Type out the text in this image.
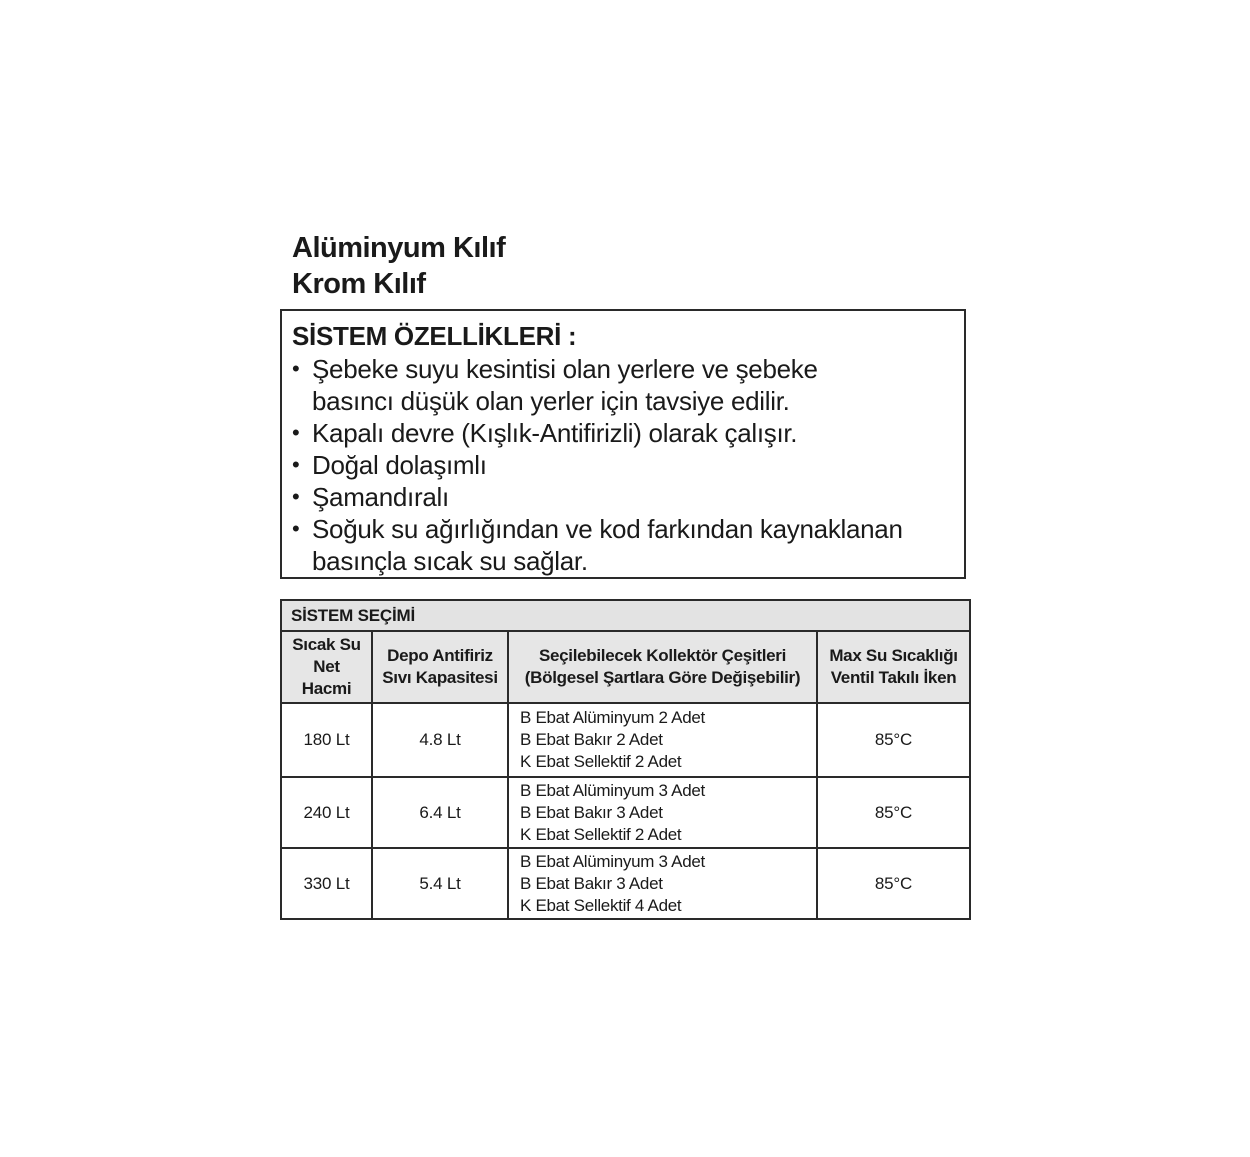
Alüminyum Kılıf
Krom Kılıf
SİSTEM ÖZELLİKLERİ :
• Şebeke suyu kesintisi olan yerlere ve şebeke
basıncı düşük olan yerler için tavsiye edilir.
• Kapalı devre (Kışlık-Antifirizli) olarak çalışır.
• Doğal dolaşımlı
• Şamandıralı
• Soğuk su ağırlığından ve kod farkından kaynaklanan
basınçla sıcak su sağlar.
SİSTEM SEÇİMİ			

Sıcak Su
Net
Hacmi	Depo Antifiriz
Sıvı Kapasitesi	Seçilebilecek Kollektör Çeşitleri
(Bölgesel Şartlara Göre Değişebilir)	Max Su Sıcaklığı
Ventil Takılı İken

180 Lt	4.8 Lt	B Ebat Alüminyum 2 Adet
B Ebat Bakır 2 Adet
K Ebat Sellektif 2 Adet	85°C
240 Lt	6.4 Lt	B Ebat Alüminyum 3 Adet
B Ebat Bakır 3 Adet
K Ebat Sellektif 2 Adet	85°C
330 Lt	5.4 Lt	B Ebat Alüminyum 3 Adet
B Ebat Bakır 3 Adet
K Ebat Sellektif 4 Adet	85°C
